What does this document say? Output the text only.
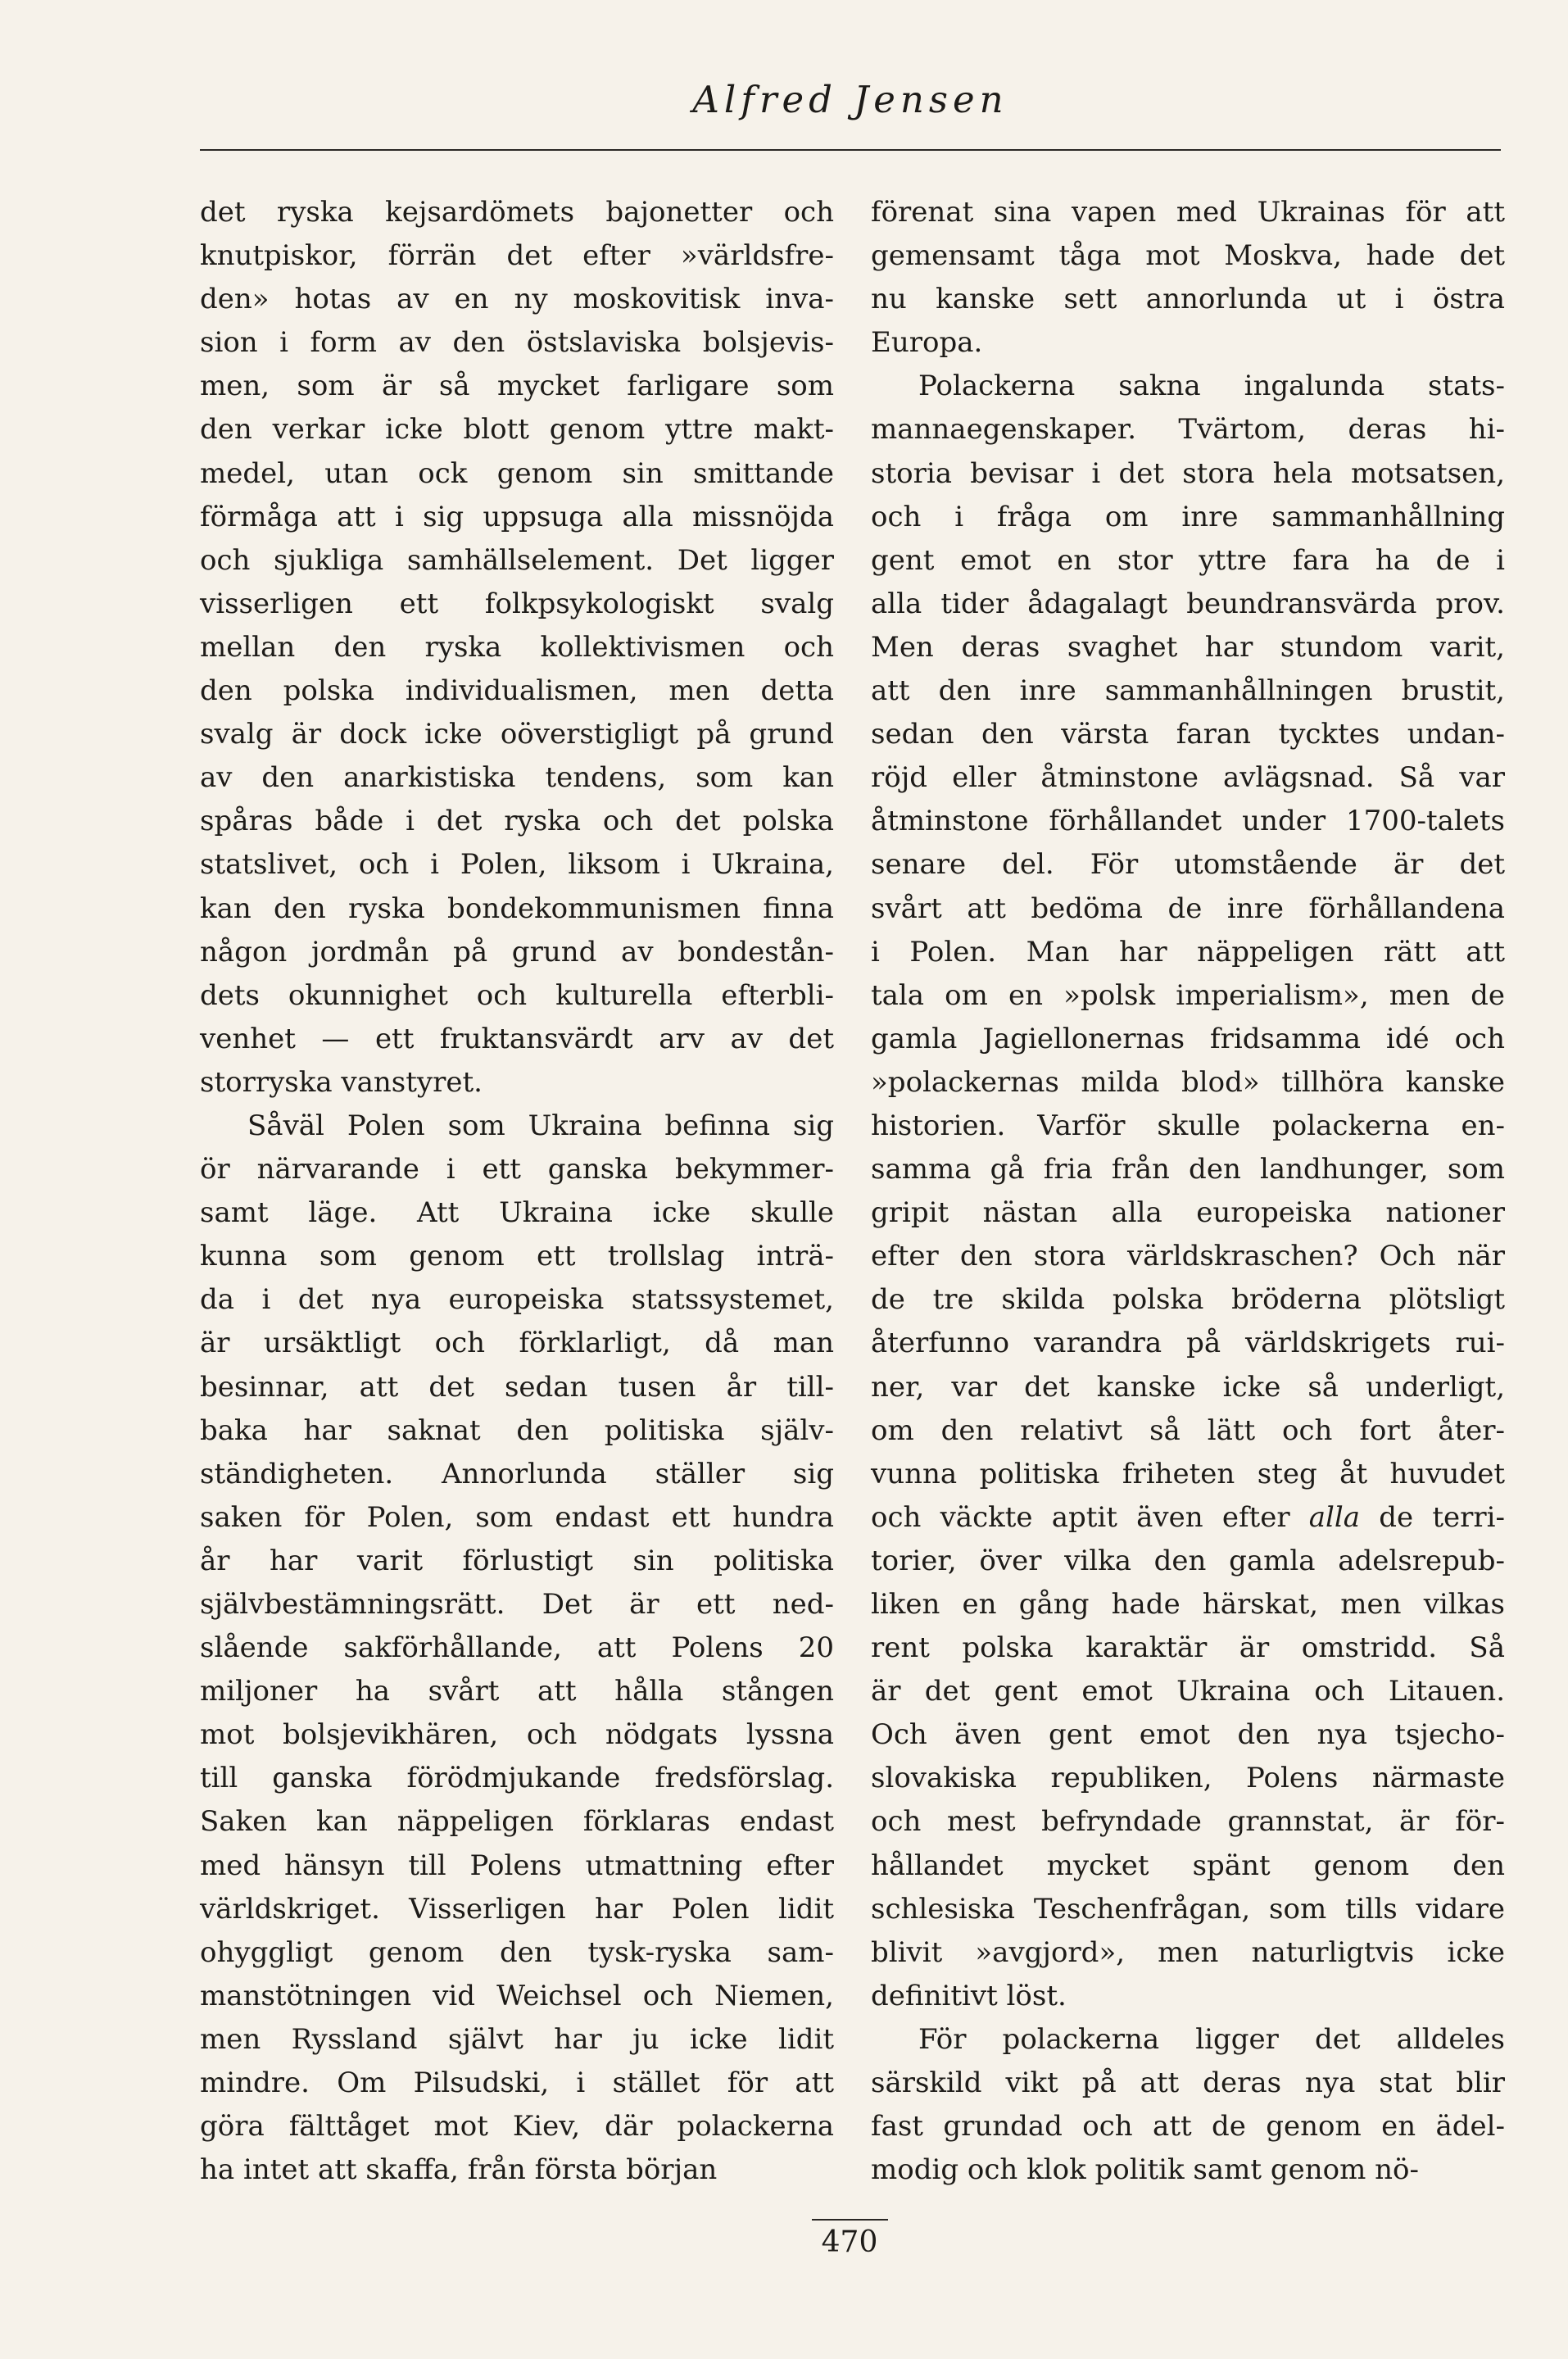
Alfred Jensen
det ryska kejsardömets bajonetter och
knutpiskor, förrän det efter »världsfre-
den» hotas av en ny moskovitisk inva-
sion i form av den östslaviska bolsjevis-
men, som är så mycket farligare som
den verkar icke blott genom yttre makt-
medel, utan ock genom sin smittande
förmåga att i sig uppsuga alla missnöjda
och sjukliga samhällselement. Det ligger
visserligen ett folkpsykologiskt svalg
mellan den ryska kollektivismen och
den polska individualismen, men detta
svalg är dock icke oöverstigligt på grund
av den anarkistiska tendens, som kan
spåras både i det ryska och det polska
statslivet, och i Polen, liksom i Ukraina,
kan den ryska bondekommunismen finna
någon jordmån på grund av bondestån-
dets okunnighet och kulturella efterbli-
venhet — ett fruktansvärdt arv av det
storryska vanstyret.
Såväl Polen som Ukraina befinna sig
ör närvarande i ett ganska bekymmer-
samt läge. Att Ukraina icke skulle
kunna som genom ett trollslag inträ-
da i det nya europeiska statssystemet,
är ursäktligt och förklarligt, då man
besinnar, att det sedan tusen år till-
baka har saknat den politiska själv-
ständigheten. Annorlunda ställer sig
saken för Polen, som endast ett hundra
år har varit förlustigt sin politiska
självbestämningsrätt. Det är ett ned-
slående sakförhållande, att Polens 20
miljoner ha svårt att hålla stången
mot bolsjevikhären, och nödgats lyssna
till ganska förödmjukande fredsförslag.
Saken kan näppeligen förklaras endast
med hänsyn till Polens utmattning efter
världskriget. Visserligen har Polen lidit
ohyggligt genom den tysk-ryska sam-
manstötningen vid Weichsel och Niemen,
men Ryssland självt har ju icke lidit
mindre. Om Pilsudski, i stället för att
göra fälttåget mot Kiev, där polackerna
ha intet att skaffa, från första början
förenat sina vapen med Ukrainas för att
gemensamt tåga mot Moskva, hade det
nu kanske sett annorlunda ut i östra
Europa.
Polackerna sakna ingalunda stats-
mannaegenskaper. Tvärtom, deras hi-
storia bevisar i det stora hela motsatsen,
och i fråga om inre sammanhållning
gent emot en stor yttre fara ha de i
alla tider ådagalagt beundransvärda prov.
Men deras svaghet har stundom varit,
att den inre sammanhållningen brustit,
sedan den värsta faran tycktes undan-
röjd eller åtminstone avlägsnad. Så var
åtminstone förhållandet under 1700-talets
senare del. För utomstående är det
svårt att bedöma de inre förhållandena
i Polen. Man har näppeligen rätt att
tala om en »polsk imperialism», men de
gamla Jagiellonernas fridsamma idé och
»polackernas milda blod» tillhöra kanske
historien. Varför skulle polackerna en-
samma gå fria från den landhunger, som
gripit nästan alla europeiska nationer
efter den stora världskraschen? Och när
de tre skilda polska bröderna plötsligt
återfunno varandra på världskrigets rui-
ner, var det kanske icke så underligt,
om den relativt så lätt och fort åter-
vunna politiska friheten steg åt huvudet
och väckte aptit även efter alla de terri-
torier, över vilka den gamla adelsrepub-
liken en gång hade härskat, men vilkas
rent polska karaktär är omstridd. Så
är det gent emot Ukraina och Litauen.
Och även gent emot den nya tsjecho-
slovakiska republiken, Polens närmaste
och mest befryndade grannstat, är för-
hållandet mycket spänt genom den
schlesiska Teschenfrågan, som tills vidare
blivit »avgjord», men naturligtvis icke
definitivt löst.
För polackerna ligger det alldeles
särskild vikt på att deras nya stat blir
fast grundad och att de genom en ädel-
modig och klok politik samt genom nö-
470
